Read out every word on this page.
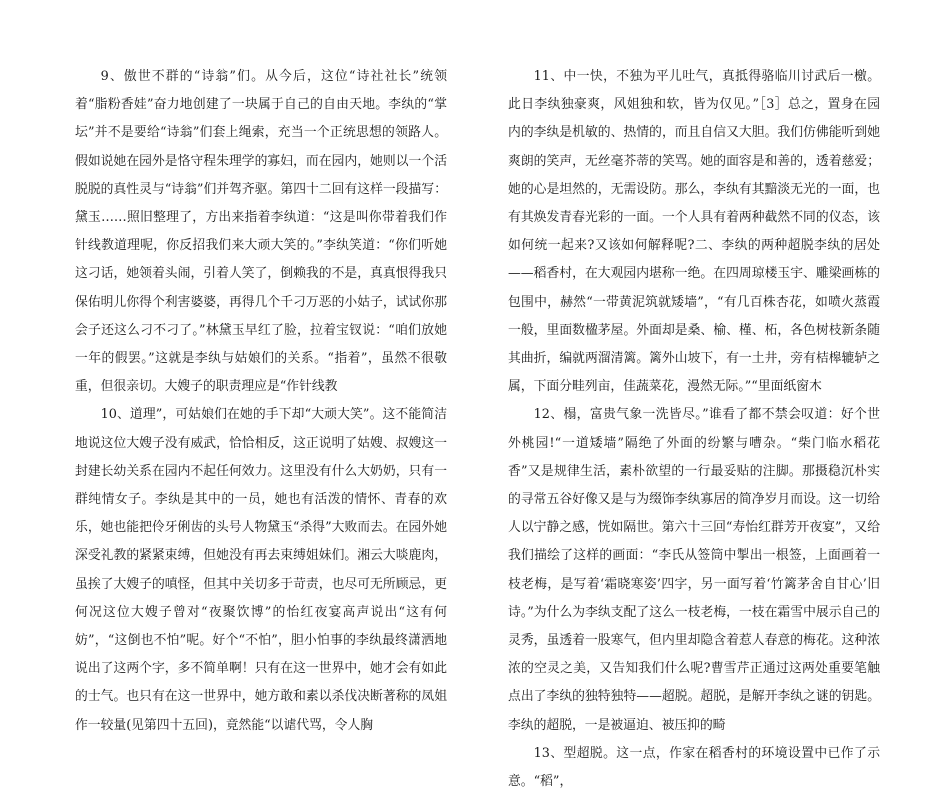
9、傲世不群的“诗翁”们。从今后，这位“诗社社长”统领着“脂粉香娃”奋力地创建了一块属于自己的自由天地。李纨的“掌坛”并不是要给“诗翁”们套上绳索，充当一个正统思想的领路人。假如说她在园外是恪守程朱理学的寡妇，而在园内，她则以一个活脱脱的真性灵与“诗翁”们并驾齐驱。第四十二回有这样一段描写：黛玉……照旧整理了，方出来指着李纨道：“这是叫你带着我们作针线教道理呢，你反招我们来大顽大笑的。”李纨笑道：“你们听她这刁话，她领着头闹，引着人笑了，倒赖我的不是，真真恨得我只保佑明儿你得个利害婆婆，再得几个千刁万恶的小姑子，试试你那会子还这么刁不刁了。”林黛玉早红了脸，拉着宝钗说：“咱们放她一年的假罢。”这就是李纨与姑娘们的关系。“指着”，虽然不很敬重，但很亲切。大嫂子的职责理应是“作针线教

10、道理”，可姑娘们在她的手下却“大顽大笑”。这不能简洁地说这位大嫂子没有威武，恰恰相反，这正说明了姑嫂、叔嫂这一封建长幼关系在园内不起任何效力。这里没有什么大奶奶，只有一群纯情女子。李纨是其中的一员，她也有活泼的情怀、青春的欢乐，她也能把伶牙俐齿的头号人物黛玉“杀得”大败而去。在园外她深受礼教的紧紧束缚，但她没有再去束缚姐妹们。湘云大啖鹿肉，虽挨了大嫂子的嗔怪，但其中关切多于苛责，也尽可无所顾忌，更何况这位大嫂子曾对“夜聚饮博”的怡红夜宴高声说出“这有何妨”，“这倒也不怕”呢。好个“不怕”，胆小怕事的李纨最终潇洒地说出了这两个字，多不简单啊！只有在这一世界中，她才会有如此的士气。也只有在这一世界中，她方敢和素以杀伐决断著称的凤姐作一较量(见第四十五回)，竟然能“以谑代骂，令人胸

11、中一快，不独为平儿吐气，真抵得骆临川讨武后一檄。此日李纨独豪爽，风姐独和软，皆为仅见。”［3］总之，置身在园内的李纨是机敏的、热情的，而且自信又大胆。我们仿佛能听到她爽朗的笑声，无丝毫芥蒂的笑骂。她的面容是和善的，透着慈爱；她的心是坦然的，无需设防。那么，李纨有其黯淡无光的一面，也有其焕发青春光彩的一面。一个人具有着两种截然不同的仪态，该如何统一起来?又该如何解释呢?二、李纨的两种超脱李纨的居处——稻香村，在大观园内堪称一绝。在四周琼楼玉宇、雕梁画栋的包围中，赫然“一带黄泥筑就矮墙”，“有几百株杏花，如喷火蒸霞一般，里面数楹茅屋。外面却是桑、榆、槿、柘，各色树枝新条随其曲折，编就两溜清篱。篱外山坡下，有一土井，旁有桔槔辘轳之属，下面分畦列亩，佳蔬菜花，漫然无际。”“里面纸窗木

12、榻，富贵气象一洗皆尽。”谁看了都不禁会叹道：好个世外桃园!“一道矮墙”隔绝了外面的纷繁与嘈杂。“柴门临水稻花香”又是规律生活，素朴欲望的一行最妥贴的注脚。那摄稳沉朴实的寻常五谷好像又是与为缀饰李纨寡居的简净岁月而设。这一切给人以宁静之感，恍如隔世。第六十三回“寿怡红群芳开夜宴”，又给我们描绘了这样的画面：“李氏从签筒中掣出一根签，上面画着一枝老梅，是写着‘霜晓寒姿’四字，另一面写着‘竹篱茅舍自甘心’旧诗。”为什么为李纨支配了这么一枝老梅，一枝在霜雪中展示自己的灵秀，虽透着一股寒气，但内里却隐含着惹人春意的梅花。这种浓浓的空灵之美，又告知我们什么呢?曹雪芹正通过这两处重要笔触点出了李纨的独特独特——超脱。超脱，是解开李纨之谜的钥匙。李纨的超脱，一是被逼迫、被压抑的畸

13、型超脱。这一点，作家在稻香村的环境设置中已作了示意。“稻”，
